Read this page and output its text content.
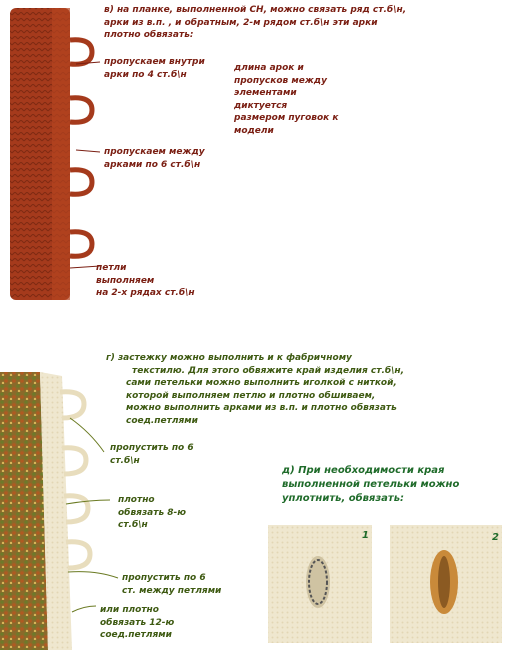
в) на планке, выполненной СН, можно связать ряд ст.б\н,
арки из в.п. , и обратным, 2-м рядом ст.б\н эти арки
плотно обвязать:
пропускаем внутри
арки по 4 ст.б\н
пропускаем между
арками по 6 ст.б\н
петли
выполняем
на 2-х рядах ст.б\н
длина арок и
пропусков между
элементами
диктуется
размером пуговок к
модели
г) застежку можно выполнить и к фабричному
текстилю. Для этого обвяжите край изделия ст.б\н,
сами петельки можно выполнить иголкой с ниткой,
которой выполняем петлю и плотно обшиваем,
можно выполнить арками из в.п. и плотно обвязать
соед.петлями
пропустить по 6
ст.б\н
плотно
обвязать 8-ю
ст.б\н
пропустить по 6
ст. между петлями
или плотно
обвязать 12-ю
соед.петлями
д) При необходимости края
выполненной петельки можно
уплотнить, обвязать:
1	2
